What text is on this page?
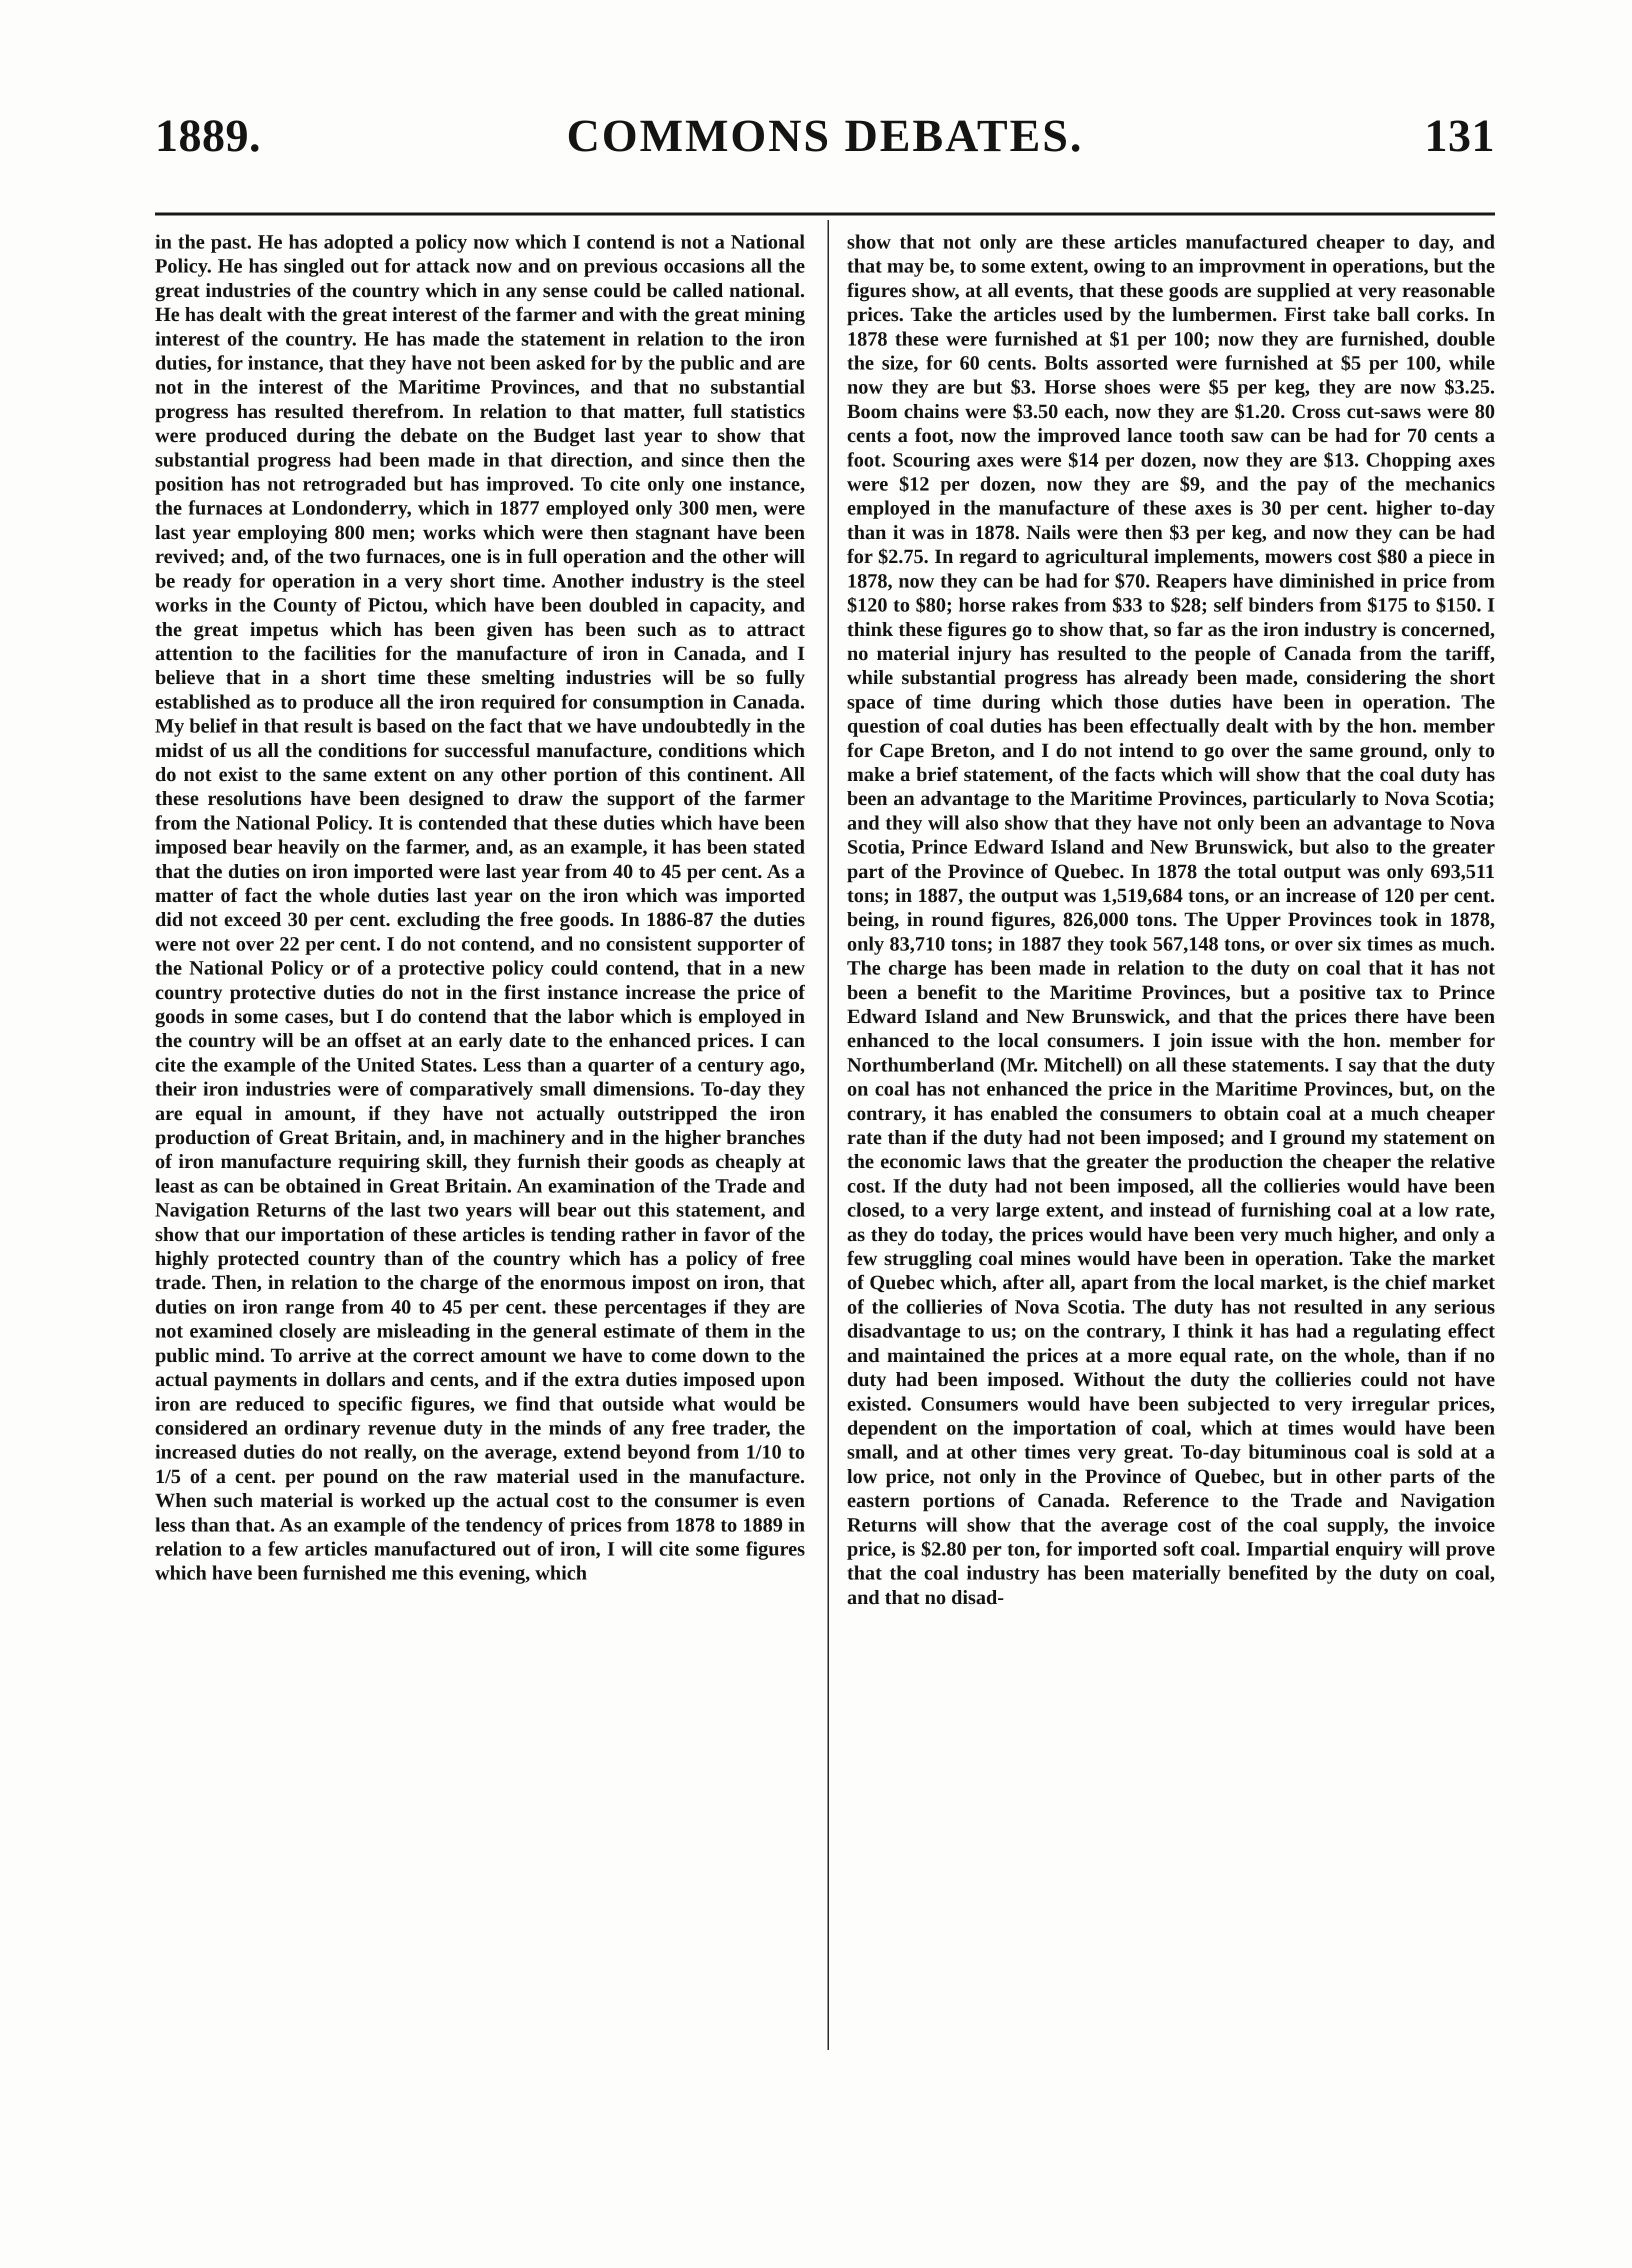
1889.	COMMONS DEBATES.	131

in the past. He has adopted a policy now which I contend is not a National Policy. He has singled out for attack now and on previous occasions all the great industries of the country which in any sense could be called national. He has dealt with the great interest of the farmer and with the great mining interest of the country. He has made the statement in relation to the iron duties, for instance, that they have not been asked for by the public and are not in the interest of the Maritime Provinces, and that no substantial progress has resulted therefrom. In relation to that matter, full statistics were produced during the debate on the Budget last year to show that substantial progress had been made in that direction, and since then the position has not retrograded but has improved. To cite only one instance, the furnaces at Londonderry, which in 1877 employed only 300 men, were last year employing 800 men; works which were then stagnant have been revived; and, of the two furnaces, one is in full operation and the other will be ready for operation in a very short time. Another industry is the steel works in the County of Pictou, which have been doubled in capacity, and the great impetus which has been given has been such as to attract attention to the facilities for the manufacture of iron in Canada, and I believe that in a short time these smelting industries will be so fully established as to produce all the iron required for consumption in Canada. My belief in that result is based on the fact that we have undoubtedly in the midst of us all the conditions for successful manufacture, conditions which do not exist to the same extent on any other portion of this continent. All these resolutions have been designed to draw the support of the farmer from the National Policy. It is contended that these duties which have been imposed bear heavily on the farmer, and, as an example, it has been stated that the duties on iron imported were last year from 40 to 45 per cent. As a matter of fact the whole duties last year on the iron which was imported did not exceed 30 per cent. excluding the free goods. In 1886-87 the duties were not over 22 per cent. I do not contend, and no consistent supporter of the National Policy or of a protective policy could contend, that in a new country protective duties do not in the first instance increase the price of goods in some cases, but I do contend that the labor which is employed in the country will be an offset at an early date to the enhanced prices. I can cite the example of the United States. Less than a quarter of a century ago, their iron industries were of comparatively small dimensions. To-day they are equal in amount, if they have not actually outstripped the iron production of Great Britain, and, in machinery and in the higher branches of iron manufacture requiring skill, they furnish their goods as cheaply at least as can be obtained in Great Britain. An examination of the Trade and Navigation Returns of the last two years will bear out this statement, and show that our importation of these articles is tending rather in favor of the highly protected country than of the country which has a policy of free trade. Then, in relation to the charge of the enormous impost on iron, that duties on iron range from 40 to 45 per cent. these percentages if they are not examined closely are misleading in the general estimate of them in the public mind. To arrive at the correct amount we have to come down to the actual payments in dollars and cents, and if the extra duties imposed upon iron are reduced to specific figures, we find that outside what would be considered an ordinary revenue duty in the minds of any free trader, the increased duties do not really, on the average, extend beyond from 1/10 to 1/5 of a cent. per pound on the raw material used in the manufacture. When such material is worked up the actual cost to the consumer is even less than that. As an example of the tendency of prices from 1878 to 1889 in relation to a few articles manufactured out of iron, I will cite some figures which have been furnished me this evening, which

show that not only are these articles manufactured cheaper to day, and that may be, to some extent, owing to an improvment in operations, but the figures show, at all events, that these goods are supplied at very reasonable prices. Take the articles used by the lumbermen. First take ball corks. In 1878 these were furnished at $1 per 100; now they are furnished, double the size, for 60 cents. Bolts assorted were furnished at $5 per 100, while now they are but $3. Horse shoes were $5 per keg, they are now $3.25. Boom chains were $3.50 each, now they are $1.20. Cross cut-saws were 80 cents a foot, now the improved lance tooth saw can be had for 70 cents a foot. Scouring axes were $14 per dozen, now they are $13. Chopping axes were $12 per dozen, now they are $9, and the pay of the mechanics employed in the manufacture of these axes is 30 per cent. higher to-day than it was in 1878. Nails were then $3 per keg, and now they can be had for $2.75. In regard to agricultural implements, mowers cost $80 a piece in 1878, now they can be had for $70. Reapers have diminished in price from $120 to $80; horse rakes from $33 to $28; self binders from $175 to $150. I think these figures go to show that, so far as the iron industry is concerned, no material injury has resulted to the people of Canada from the tariff, while substantial progress has already been made, considering the short space of time during which those duties have been in operation. The question of coal duties has been effectually dealt with by the hon. member for Cape Breton, and I do not intend to go over the same ground, only to make a brief statement, of the facts which will show that the coal duty has been an advantage to the Maritime Provinces, particularly to Nova Scotia; and they will also show that they have not only been an advantage to Nova Scotia, Prince Edward Island and New Brunswick, but also to the greater part of the Province of Quebec. In 1878 the total output was only 693,511 tons; in 1887, the output was 1,519,684 tons, or an increase of 120 per cent. being, in round figures, 826,000 tons. The Upper Provinces took in 1878, only 83,710 tons; in 1887 they took 567,148 tons, or over six times as much. The charge has been made in relation to the duty on coal that it has not been a benefit to the Maritime Provinces, but a positive tax to Prince Edward Island and New Brunswick, and that the prices there have been enhanced to the local consumers. I join issue with the hon. member for Northumberland (Mr. Mitchell) on all these statements. I say that the duty on coal has not enhanced the price in the Maritime Provinces, but, on the contrary, it has enabled the consumers to obtain coal at a much cheaper rate than if the duty had not been imposed; and I ground my statement on the economic laws that the greater the production the cheaper the relative cost. If the duty had not been imposed, all the collieries would have been closed, to a very large extent, and instead of furnishing coal at a low rate, as they do today, the prices would have been very much higher, and only a few struggling coal mines would have been in operation. Take the market of Quebec which, after all, apart from the local market, is the chief market of the collieries of Nova Scotia. The duty has not resulted in any serious disadvantage to us; on the contrary, I think it has had a regulating effect and maintained the prices at a more equal rate, on the whole, than if no duty had been imposed. Without the duty the collieries could not have existed. Consumers would have been subjected to very irregular prices, dependent on the importation of coal, which at times would have been small, and at other times very great. To-day bituminous coal is sold at a low price, not only in the Province of Quebec, but in other parts of the eastern portions of Canada. Reference to the Trade and Navigation Returns will show that the average cost of the coal supply, the invoice price, is $2.80 per ton, for imported soft coal. Impartial enquiry will prove that the coal industry has been materially benefited by the duty on coal, and that no disad-
